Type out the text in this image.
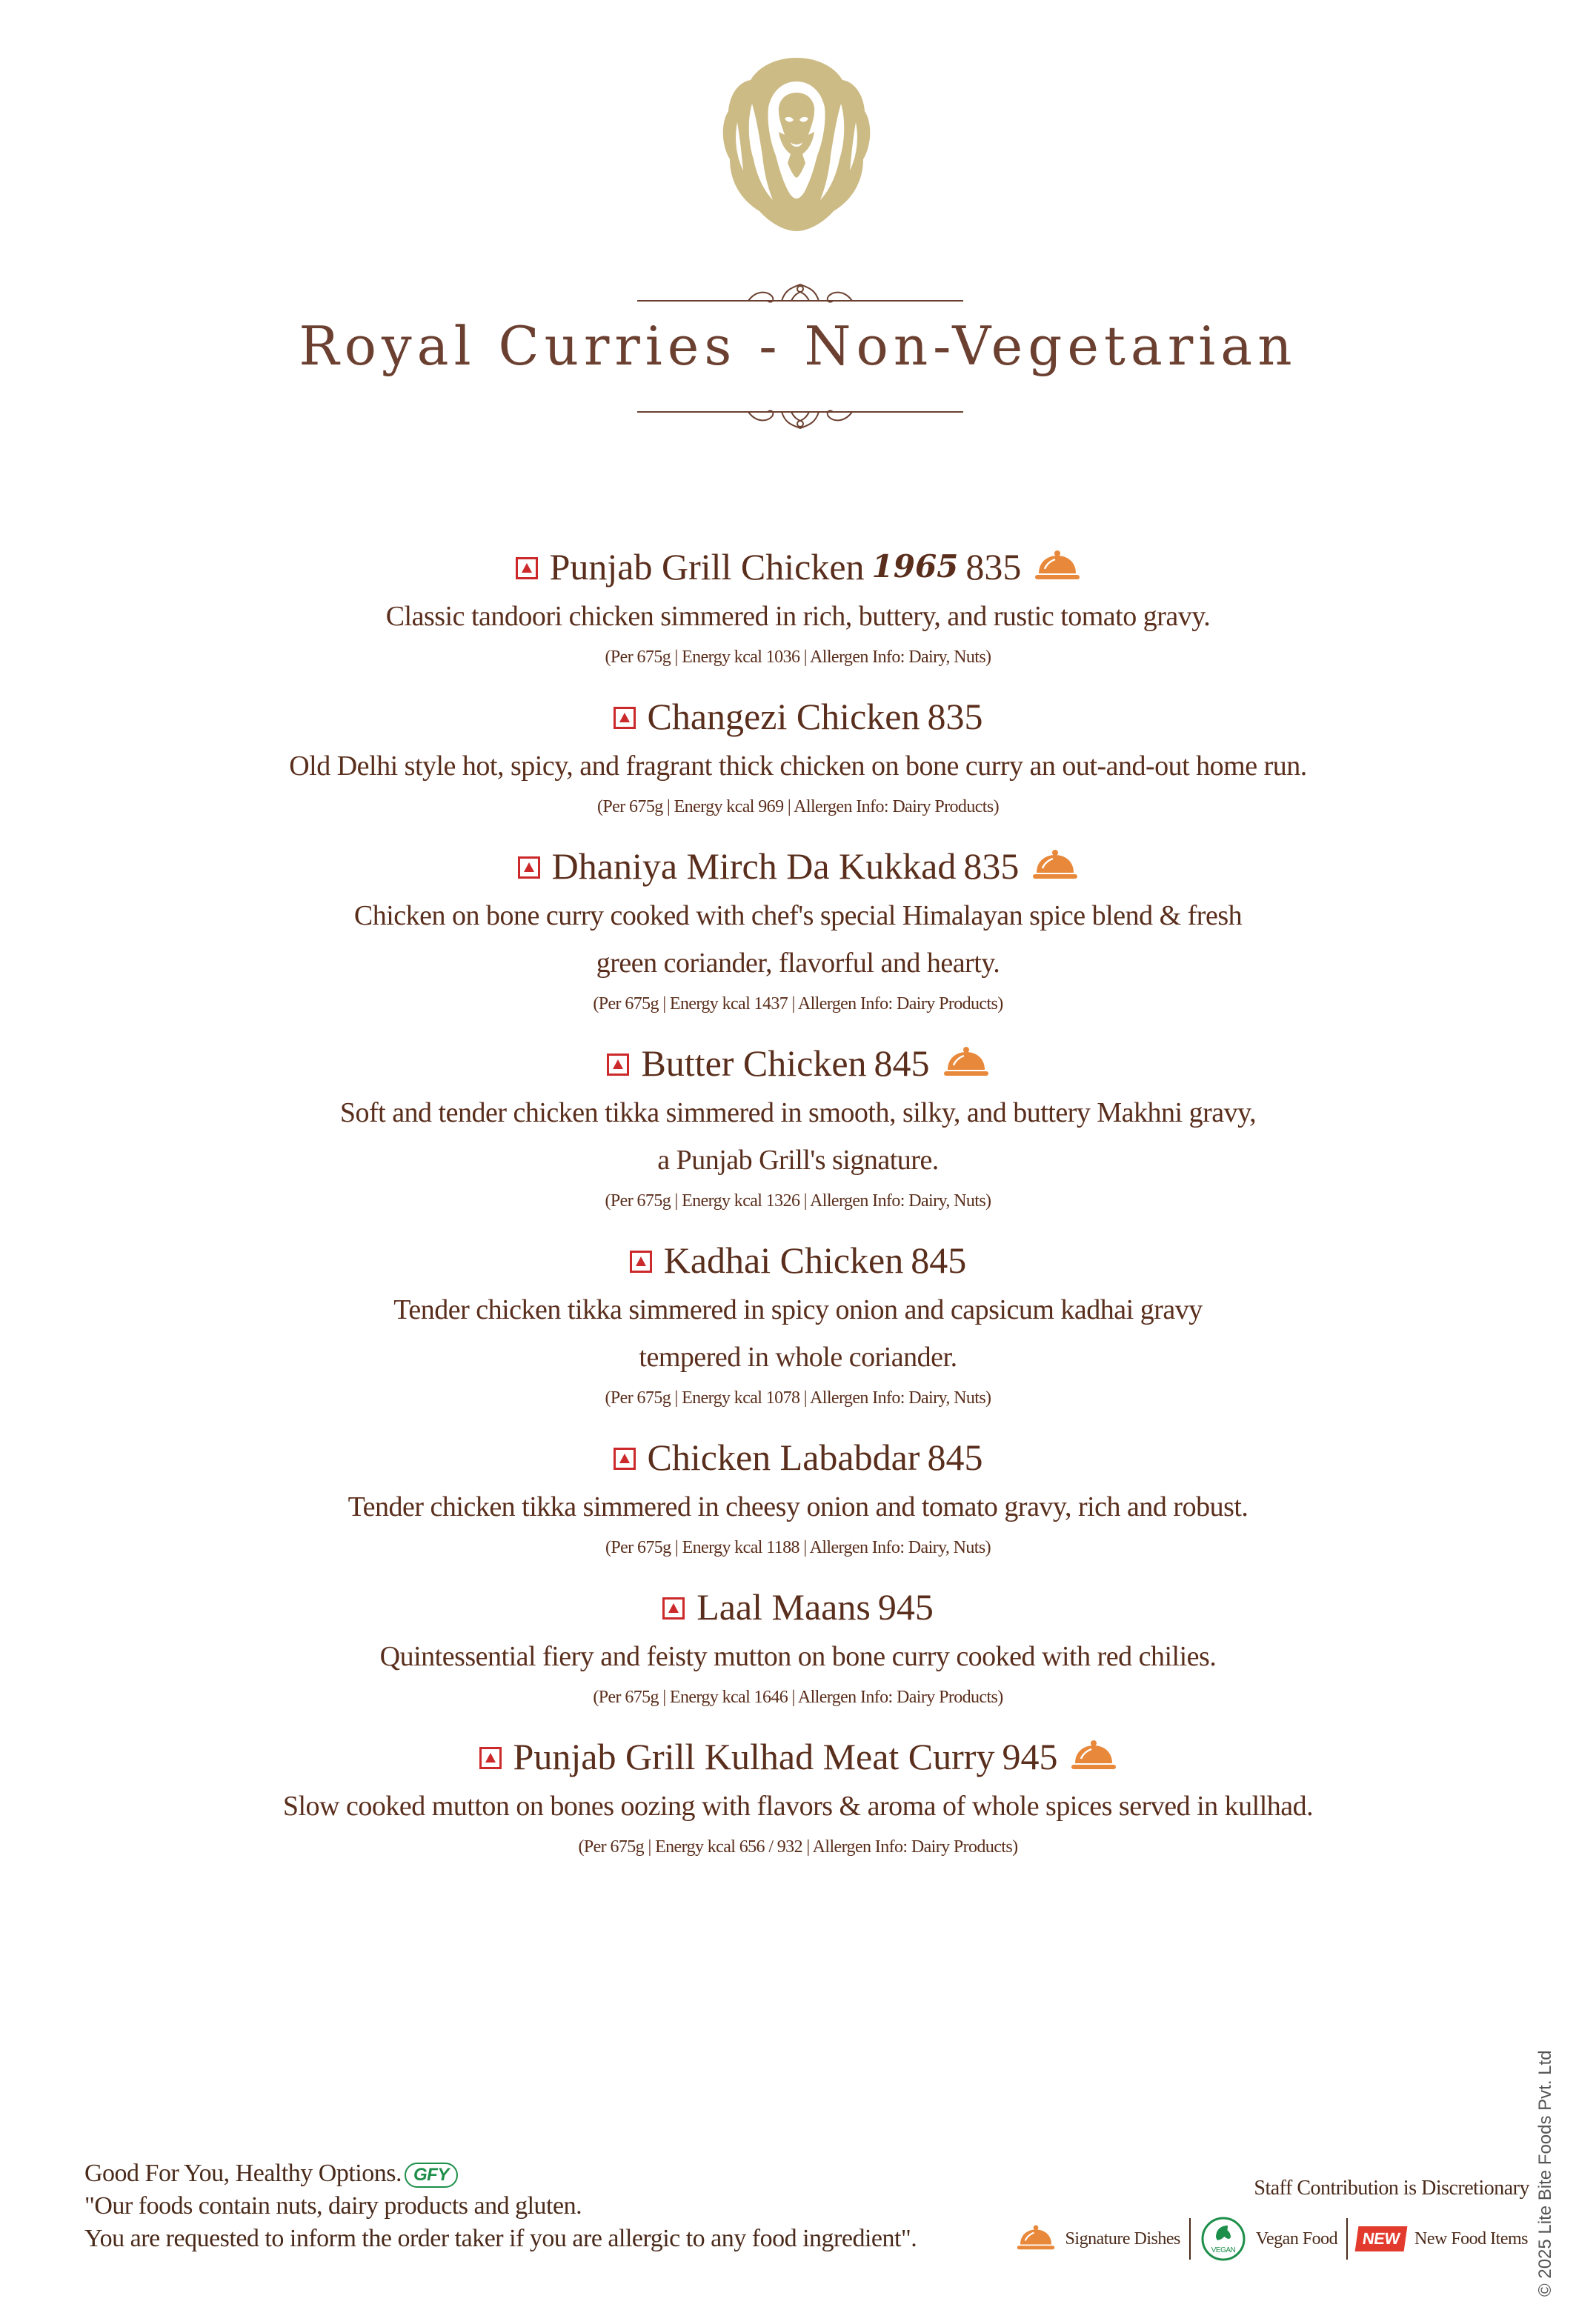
Royal Curries - Non-Vegetarian
Punjab Grill Chicken 1965 835
Classic tandoori chicken simmered in rich, buttery, and rustic tomato gravy.
(Per 675g | Energy kcal 1036 | Allergen Info: Dairy, Nuts)
Changezi Chicken 835
Old Delhi style hot, spicy, and fragrant thick chicken on bone curry an out-and-out home run.
(Per 675g | Energy kcal 969 | Allergen Info: Dairy Products)
Dhaniya Mirch Da Kukkad 835
Chicken on bone curry cooked with chef's special Himalayan spice blend & fresh
green coriander, flavorful and hearty.
(Per 675g | Energy kcal 1437 | Allergen Info: Dairy Products)
Butter Chicken 845
Soft and tender chicken tikka simmered in smooth, silky, and buttery Makhni gravy,
a Punjab Grill's signature.
(Per 675g | Energy kcal 1326 | Allergen Info: Dairy, Nuts)
Kadhai Chicken 845
Tender chicken tikka simmered in spicy onion and capsicum kadhai gravy
tempered in whole coriander.
(Per 675g | Energy kcal 1078 | Allergen Info: Dairy, Nuts)
Chicken Lababdar 845
Tender chicken tikka simmered in cheesy onion and tomato gravy, rich and robust.
(Per 675g | Energy kcal 1188 | Allergen Info: Dairy, Nuts)
Laal Maans 945
Quintessential fiery and feisty mutton on bone curry cooked with red chilies.
(Per 675g | Energy kcal 1646 | Allergen Info: Dairy Products)
Punjab Grill Kulhad Meat Curry 945
Slow cooked mutton on bones oozing with flavors & aroma of whole spices served in kullhad.
(Per 675g | Energy kcal 656 / 932 | Allergen Info: Dairy Products)
Good For You, Healthy Options. GFY
"Our foods contain nuts, dairy products and gluten.
You are requested to inform the order taker if you are allergic to any food ingredient".
Staff Contribution is Discretionary
Signature Dishes
VEGAN
Vegan Food	NEW New Food Items © 2025 Lite Bite Foods Pvt. Ltd
